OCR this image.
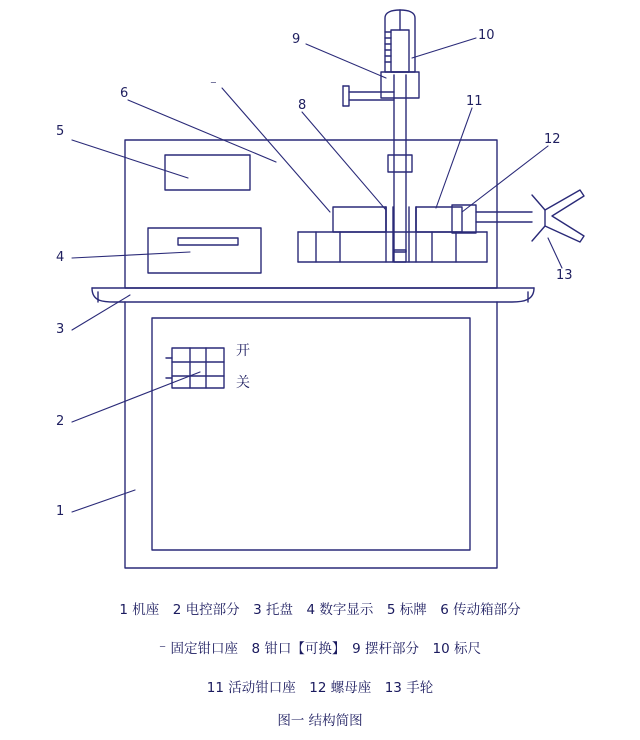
1
2
3
4
5
6
⁻
8
9	10
11
12
13
开
关
1 机座　2 电控部分　3 托盘　4 数字显示　5 标牌　6 传动箱部分
⁻ 固定钳口座　8 钳口【可换】　9 摆杆部分　10 标尺
11 活动钳口座　12 螺母座　13 手轮
图一 结构简图
